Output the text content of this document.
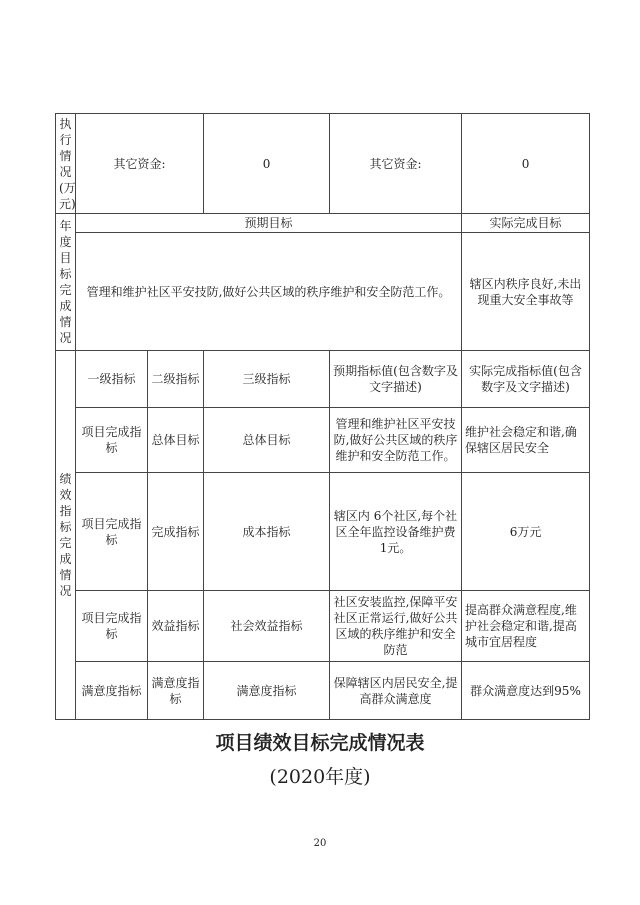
执行情况(万元)	其它资金:		0	其它资金:	0
年度目标完成情况	预期目标				实际完成目标
	管理和维护社区平安技防,做好公共区域的秩序维护和安全防范工作。				辖区内秩序良好,未出现重大安全事故等
绩效指标完成情况	一级指标	二级指标	三级指标	预期指标值(包含数字及文字描述)	实际完成指标值(包含数字及文字描述)
	项目完成指标	总体目标	总体目标	管理和维护社区平安技防,做好公共区域的秩序维护和安全防范工作。	维护社会稳定和谐,确保辖区居民安全
	项目完成指标	完成指标	成本指标	辖区内 6个社区,每个社区全年监控设备维护费1元。	6万元
	项目完成指标	效益指标	社会效益指标	社区安装监控,保障平安社区正常运行,做好公共区域的秩序维护和安全防范	提高群众满意程度,维护社会稳定和谐,提高城市宜居程度
	满意度指标	满意度指标	满意度指标	保障辖区内居民安全,提高群众满意度	群众满意度达到95%
项目绩效目标完成情况表
(2020年度)
20
